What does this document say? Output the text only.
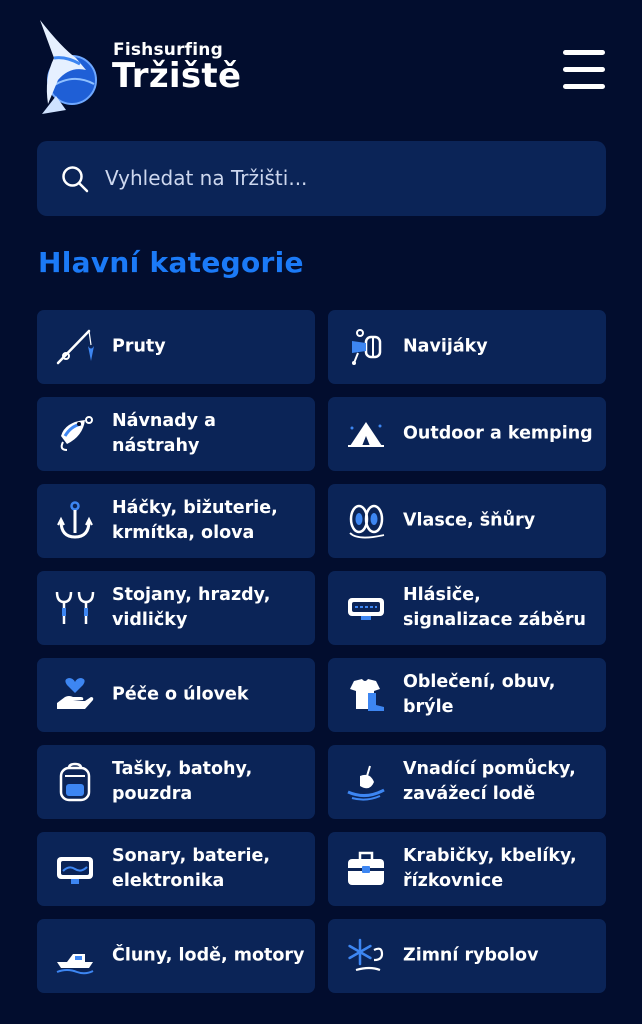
Fishsurfing
Tržiště
Vyhledat na Tržišti...
Hlavní kategorie
Pruty	Navijáky
Návnady a nástrahy
Outdoor a kemping
Háčky, bižuterie, krmítka, olova
Vlasce, šňůry
Stojany, hrazdy, vidličky
Hlásiče, signalizace záběru
Péče o úlovek
Oblečení, obuv, brýle
Tašky, batohy, pouzdra
Vnadící pomůcky, zavážecí lodě
Sonary, baterie, elektronika
Krabičky, kbelíky, řízkovnice
Čluny, lodě, motory	Zimní rybolov
